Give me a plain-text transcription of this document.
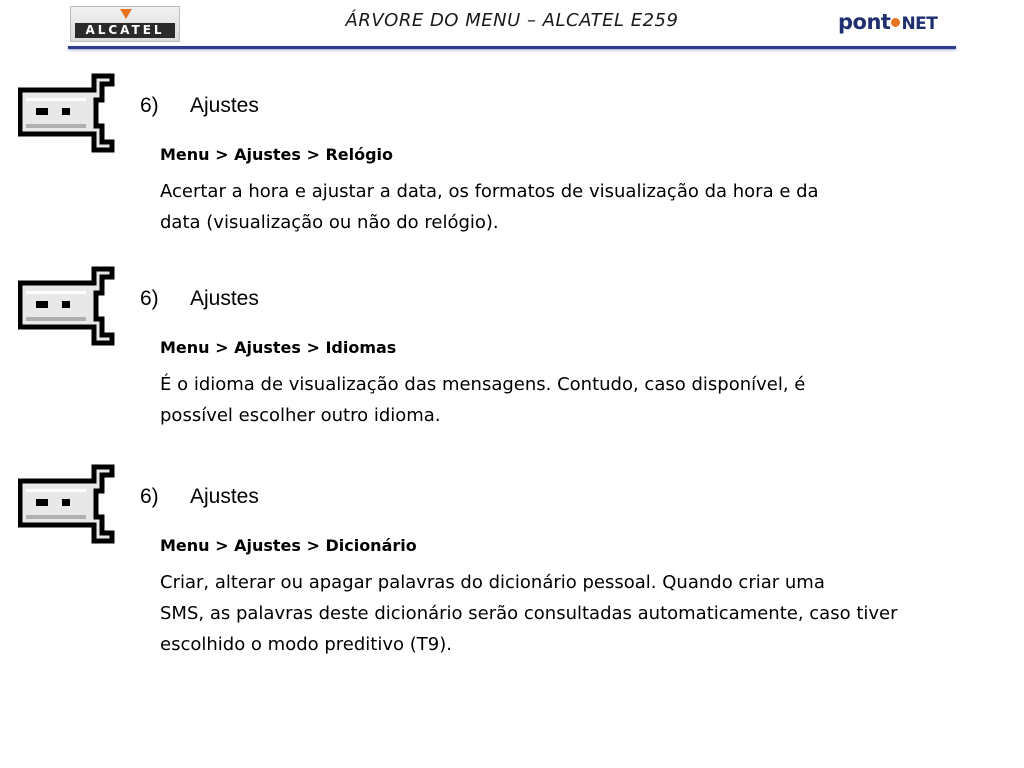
ALCATEL	ÁRVORE DO MENU – ALCATEL E259	pont NET
6) Ajustes
Menu > Ajustes > Relógio
Acertar a hora e ajustar a data, os formatos de visualização da hora e da
data (visualização ou não do relógio).
6) Ajustes
Menu > Ajustes > Idiomas
É o idioma de visualização das mensagens. Contudo, caso disponível, é
possível escolher outro idioma.
6) Ajustes
Menu > Ajustes > Dicionário
Criar, alterar ou apagar palavras do dicionário pessoal. Quando criar uma
SMS, as palavras deste dicionário serão consultadas automaticamente, caso tiver
escolhido o modo preditivo (T9).
